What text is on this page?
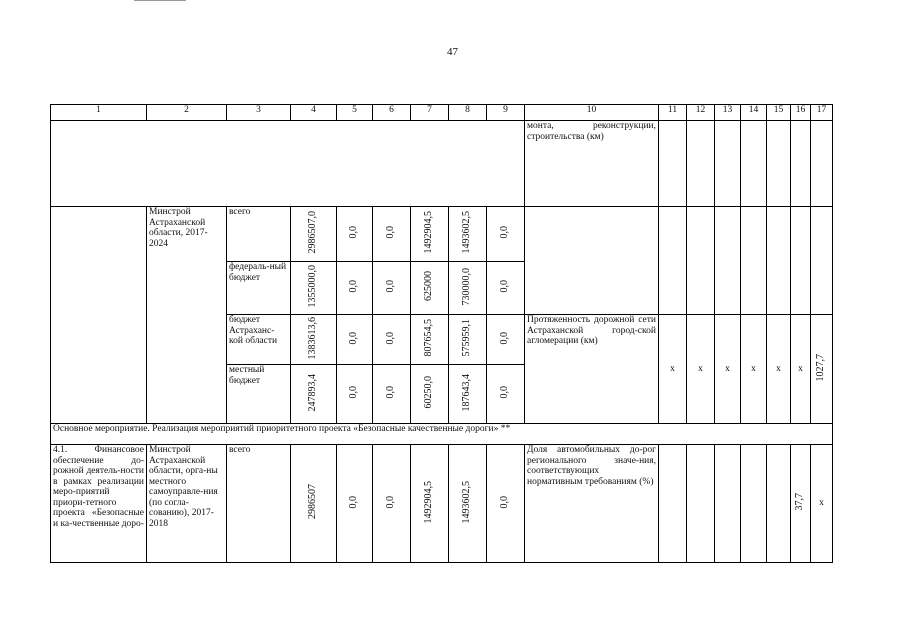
47
1	2	3	4	5	6	7	8	9	10	11	12	13	14	15	16	17
									монта, реконструкции, строительства (км)							
	Минстрой Астраханской области, 2017-2024	всего	2986507,0	0,0	0,0	1492904,5	1493602,5	0,0								
		федераль-ный бюджет	1355000,0	0,0	0,0	625000	730000,0	0,0								
		бюджет Астраханс-кой области	1383613,6	0,0	0,0	807654,5	575959,1	0,0	Протяженность дорожной сети Астраханской город-ской агломерации (км)	x	x	x	x	x	x	1027,7
		местный бюджет	247893,4	0,0	0,0	60250,0	187643,4	0,0								
Основное мероприятие. Реализация мероприятий приоритетного проекта «Безопасные качественные дороги» **																
4.1. Финансовое обеспечение до-рожной деятель-ности в рамках реализации меро-приятий приори-тетного проекта «Безопасные и ка-чественные доро-	Минстрой Астраханской области, орга-ны местного самоуправле-ния (по согла-сованию), 2017-2018	всего	2986507	0,0	0,0	1492904,5	1493602,5	0,0	Доля автомобильных до-рог регионального значе-ния, соответствующих нормативным требованиям (%)						37,7	x
